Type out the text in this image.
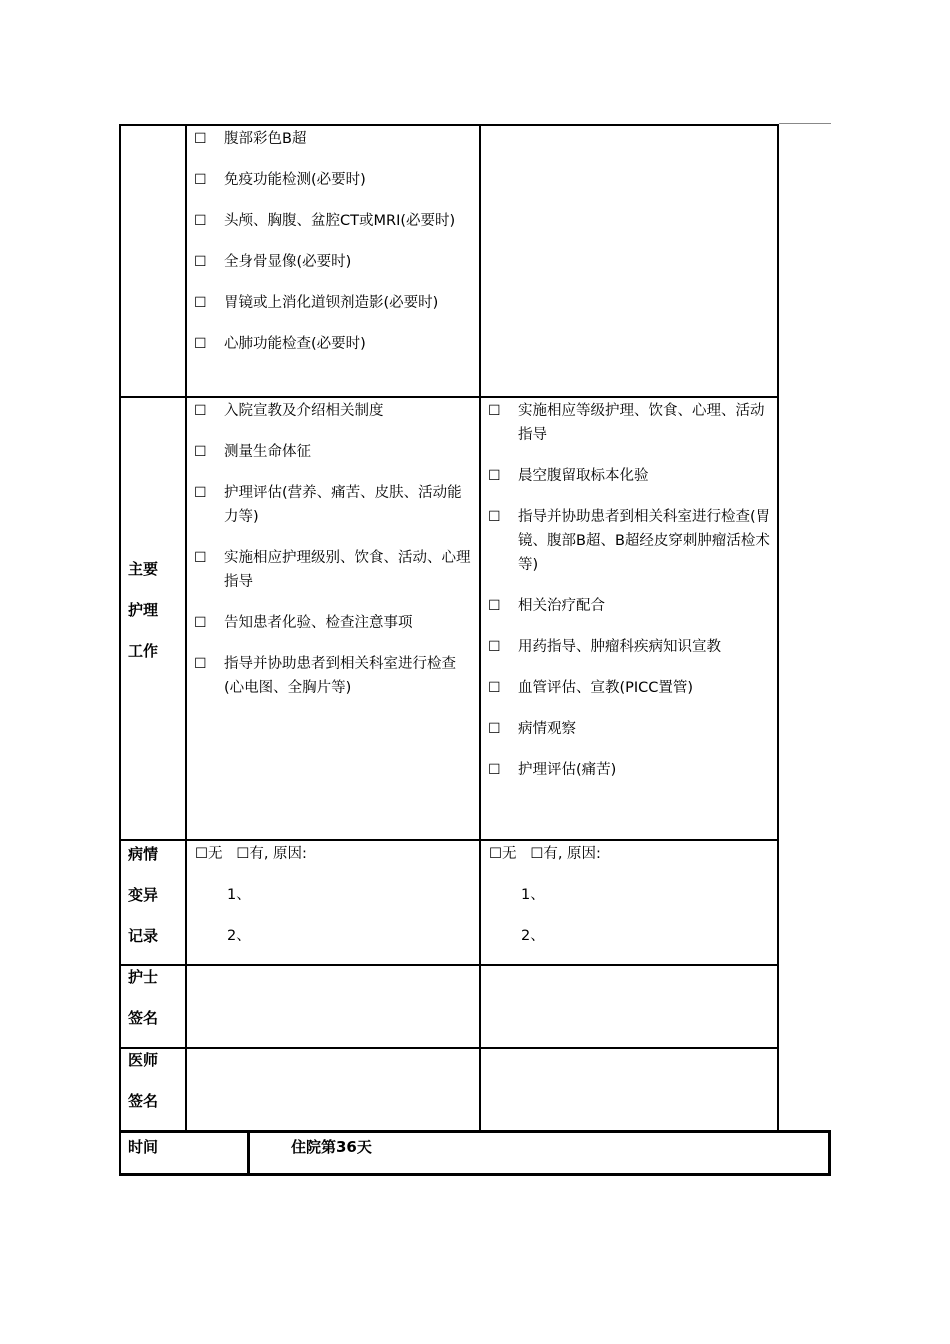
☐ 腹部彩色B超
☐ 免疫功能检测(必要时)
☐ 头颅、胸腹、盆腔CT或MRI(必要时)
☐ 全身骨显像(必要时)
☐ 胃镜或上消化道钡剂造影(必要时)
☐ 心肺功能检查(必要时)
主要
护理
工作
☐ 入院宣教及介绍相关制度
☐ 测量生命体征
☐ 护理评估(营养、痛苦、皮肤、活动能力等)
☐ 实施相应护理级别、饮食、活动、心理指导
☐ 告知患者化验、检查注意事项
☐ 指导并协助患者到相关科室进行检查(心电图、全胸片等)
☐ 实施相应等级护理、饮食、心理、活动指导
☐ 晨空腹留取标本化验
☐ 指导并协助患者到相关科室进行检查(胃镜、腹部B超、B超经皮穿刺肿瘤活检术等)
☐ 相关治疗配合
☐ 用药指导、肿瘤科疾病知识宣教
☐ 血管评估、宣教(PICC置管)
☐ 病情观察
☐ 护理评估(痛苦)
病情
变异
记录
☐无   ☐有, 原因:
1、
2、
☐无   ☐有, 原因:
1、
2、
护士
签名
医师
签名
时间	住院第36天
